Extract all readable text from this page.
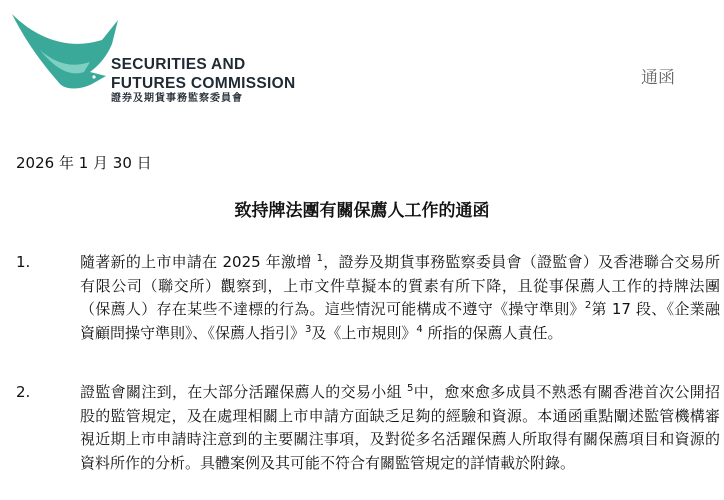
SECURITIES AND
FUTURES COMMISSION
證券及期貨事務監察委員會
通函
2026 年 1 月 30 日
致持牌法團有關保薦人工作的通函
1.	隨著新的上市申請在 2025 年激增 $^1$，證券及期貨事務監察委員會（證監會）及香港聯合交易所有限公司（聯交所）觀察到，上市文件草擬本的質素有所下降，且從事保薦人工作的持牌法團（保薦人）存在某些不達標的行為。這些情況可能構成不遵守《操守準則》$^2$第 17 段、《企業融資顧問操守準則》、《保薦人指引》$^3$及《上市規則》$^4$ 所指的保薦人責任。
2.	證監會關注到，在大部分活躍保薦人的交易小組 $^5$中，愈來愈多成員不熟悉有關香港首次公開招股的監管規定，及在處理相關上市申請方面缺乏足夠的經驗和資源。本通函重點闡述監管機構審視近期上市申請時注意到的主要關注事項，及對從多名活躍保薦人所取得有關保薦項目和資源的資料所作的分析。具體案例及其可能不符合有關監管規定的詳情載於附錄。
